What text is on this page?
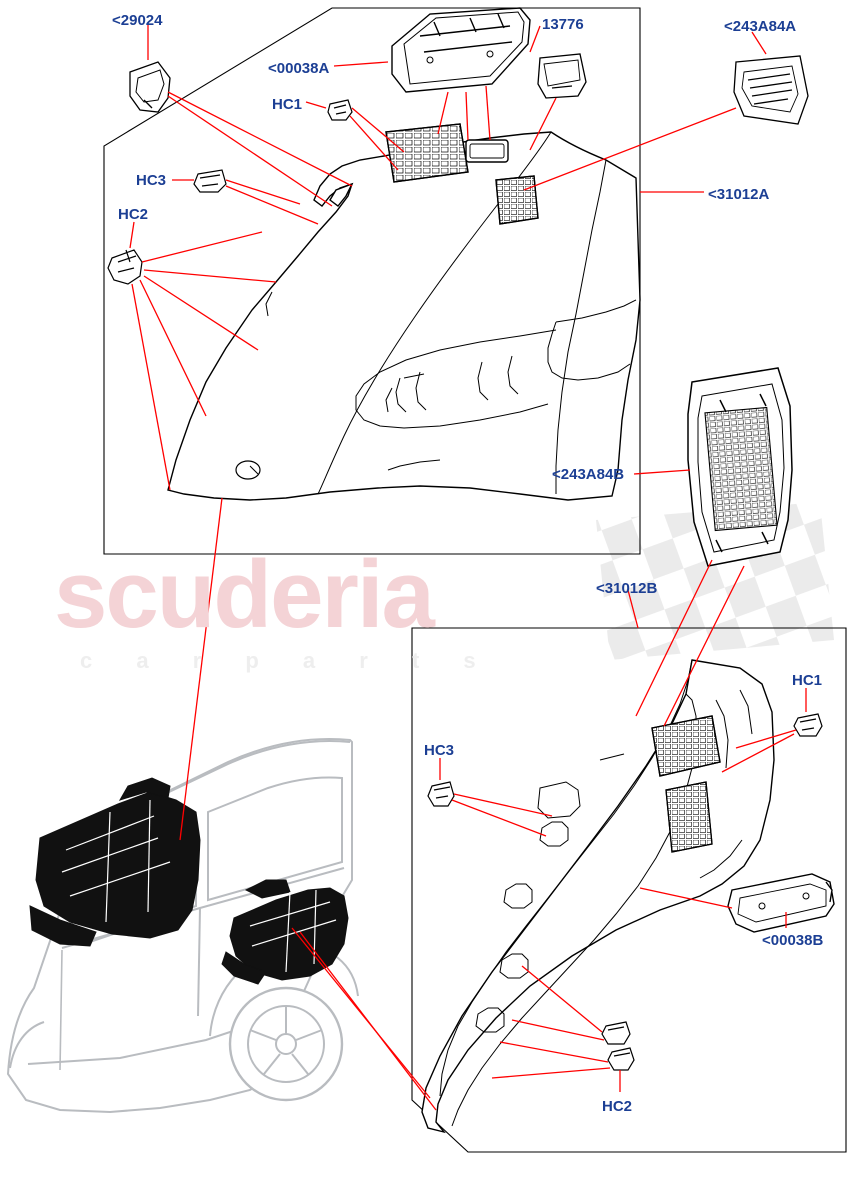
scuderia
c a r p a r t s
<29024	13776	<243A84A
<00038A
HC1
HC3
HC2
<31012A
<243A84B
<31012B
HC1
HC3
<00038B
HC2
